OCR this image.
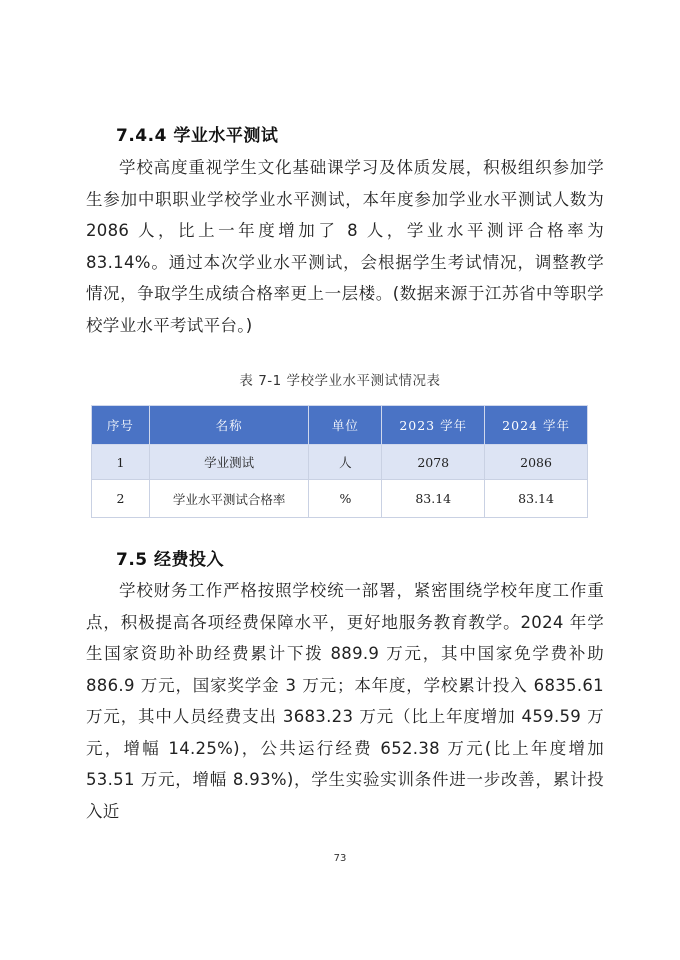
7.4.4 学业水平测试
学校高度重视学生文化基础课学习及体质发展，积极组织参加学生参加中职职业学校学业水平测试，本年度参加学业水平测试人数为 2086 人，比上一年度增加了 8 人，学业水平测评合格率为 83.14%。通过本次学业水平测试，会根据学生考试情况，调整教学情况，争取学生成绩合格率更上一层楼。(数据来源于江苏省中等职学校学业水平考试平台。)
表 7-1 学校学业水平测试情况表
序号	名称	单位	2023 学年	2024 学年
1	学业测试	人	2078	2086
2	学业水平测试合格率	%	83.14	83.14
7.5 经费投入
学校财务工作严格按照学校统一部署，紧密围绕学校年度工作重点，积极提高各项经费保障水平，更好地服务教育教学。2024 年学生国家资助补助经费累计下拨 889.9 万元，其中国家免学费补助 886.9 万元，国家奖学金 3 万元；本年度，学校累计投入 6835.61 万元，其中人员经费支出 3683.23 万元（比上年度增加 459.59 万元，增幅 14.25%)，公共运行经费 652.38 万元(比上年度增加 53.51 万元，增幅 8.93%)，学生实验实训条件进一步改善，累计投入近
73
